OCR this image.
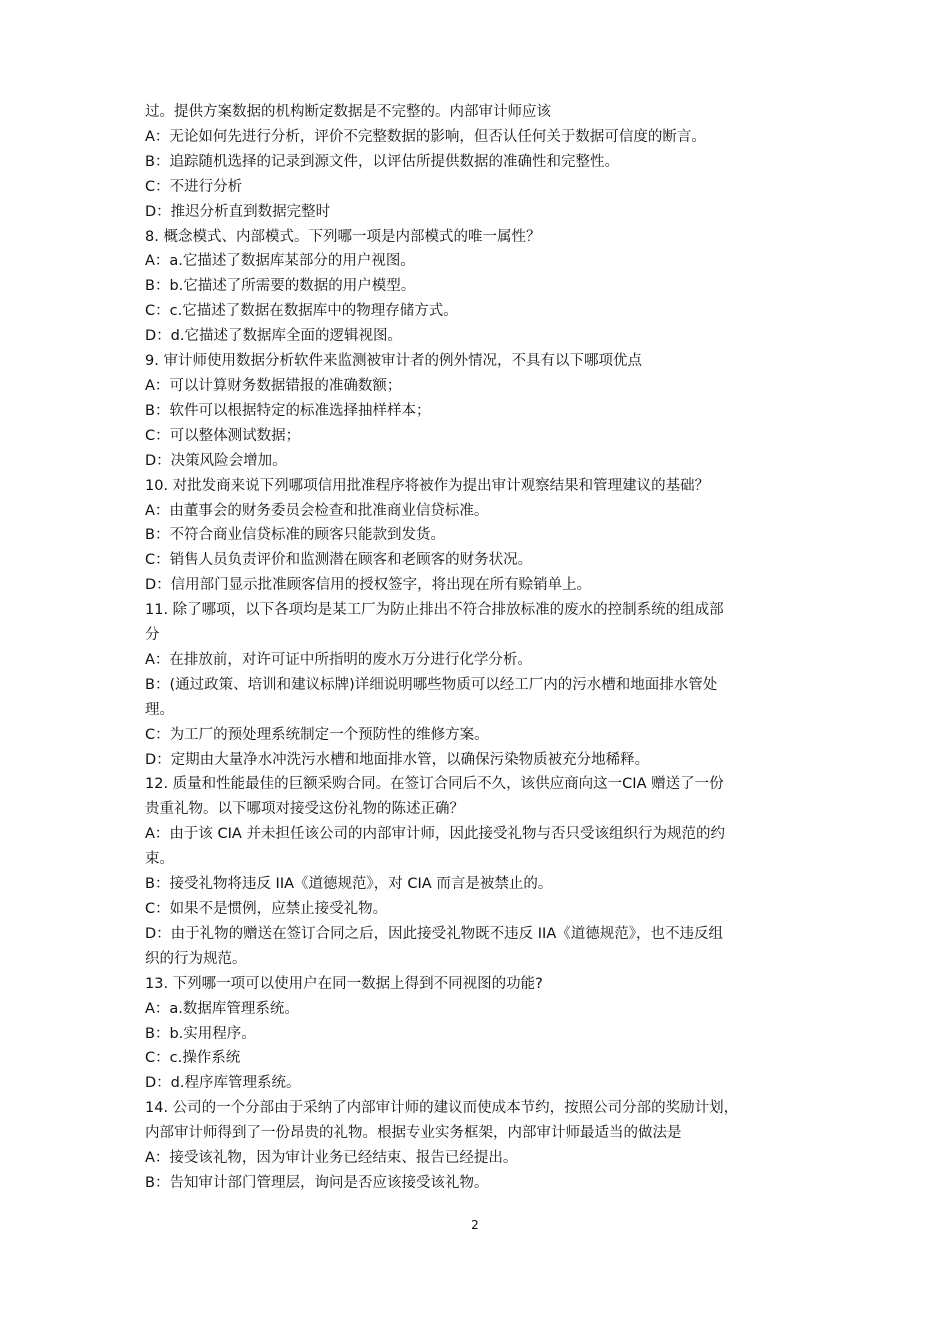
过。提供方案数据的机构断定数据是不完整的。内部审计师应该
A：无论如何先进行分析，评价不完整数据的影响，但否认任何关于数据可信度的断言。
B：追踪随机选择的记录到源文件，以评估所提供数据的准确性和完整性。
C：不进行分析
D：推迟分析直到数据完整时
8. 概念模式、内部模式。下列哪一项是内部模式的唯一属性？
A：a.它描述了数据库某部分的用户视图。
B：b.它描述了所需要的数据的用户模型。
C：c.它描述了数据在数据库中的物理存储方式。
D：d.它描述了数据库全面的逻辑视图。
9. 审计师使用数据分析软件来监测被审计者的例外情况，不具有以下哪项优点
A：可以计算财务数据错报的准确数额；
B：软件可以根据特定的标准选择抽样样本；
C：可以整体测试数据；
D：决策风险会增加。
10. 对批发商来说下列哪项信用批准程序将被作为提出审计观察结果和管理建议的基础？
A：由董事会的财务委员会检查和批准商业信贷标准。
B：不符合商业信贷标准的顾客只能款到发货。
C：销售人员负责评价和监测潜在顾客和老顾客的财务状况。
D：信用部门显示批准顾客信用的授权签字，将出现在所有赊销单上。
11. 除了哪项，以下各项均是某工厂为防止排出不符合排放标准的废水的控制系统的组成部
分
A：在排放前，对许可证中所指明的废水万分进行化学分析。
B：(通过政策、培训和建议标牌)详细说明哪些物质可以经工厂内的污水槽和地面排水管处
理。
C：为工厂的预处理系统制定一个预防性的维修方案。
D：定期由大量净水冲洗污水槽和地面排水管，以确保污染物质被充分地稀释。
12. 质量和性能最佳的巨额采购合同。在签订合同后不久，该供应商向这一CIA 赠送了一份
贵重礼物。以下哪项对接受这份礼物的陈述正确？
A：由于该 CIA 并未担任该公司的内部审计师，因此接受礼物与否只受该组织行为规范的约
束。
B：接受礼物将违反 IIA《道德规范》，对 CIA 而言是被禁止的。
C：如果不是惯例，应禁止接受礼物。
D：由于礼物的赠送在签订合同之后，因此接受礼物既不违反 IIA《道德规范》，也不违反组
织的行为规范。
13. 下列哪一项可以使用户在同一数据上得到不同视图的功能?
A：a.数据库管理系统。
B：b.实用程序。
C：c.操作系统
D：d.程序库管理系统。
14. 公司的一个分部由于采纳了内部审计师的建议而使成本节约，按照公司分部的奖励计划，
内部审计师得到了一份昂贵的礼物。根据专业实务框架，内部审计师最适当的做法是
A：接受该礼物，因为审计业务已经结束、报告已经提出。
B：告知审计部门管理层，询问是否应该接受该礼物。
2
